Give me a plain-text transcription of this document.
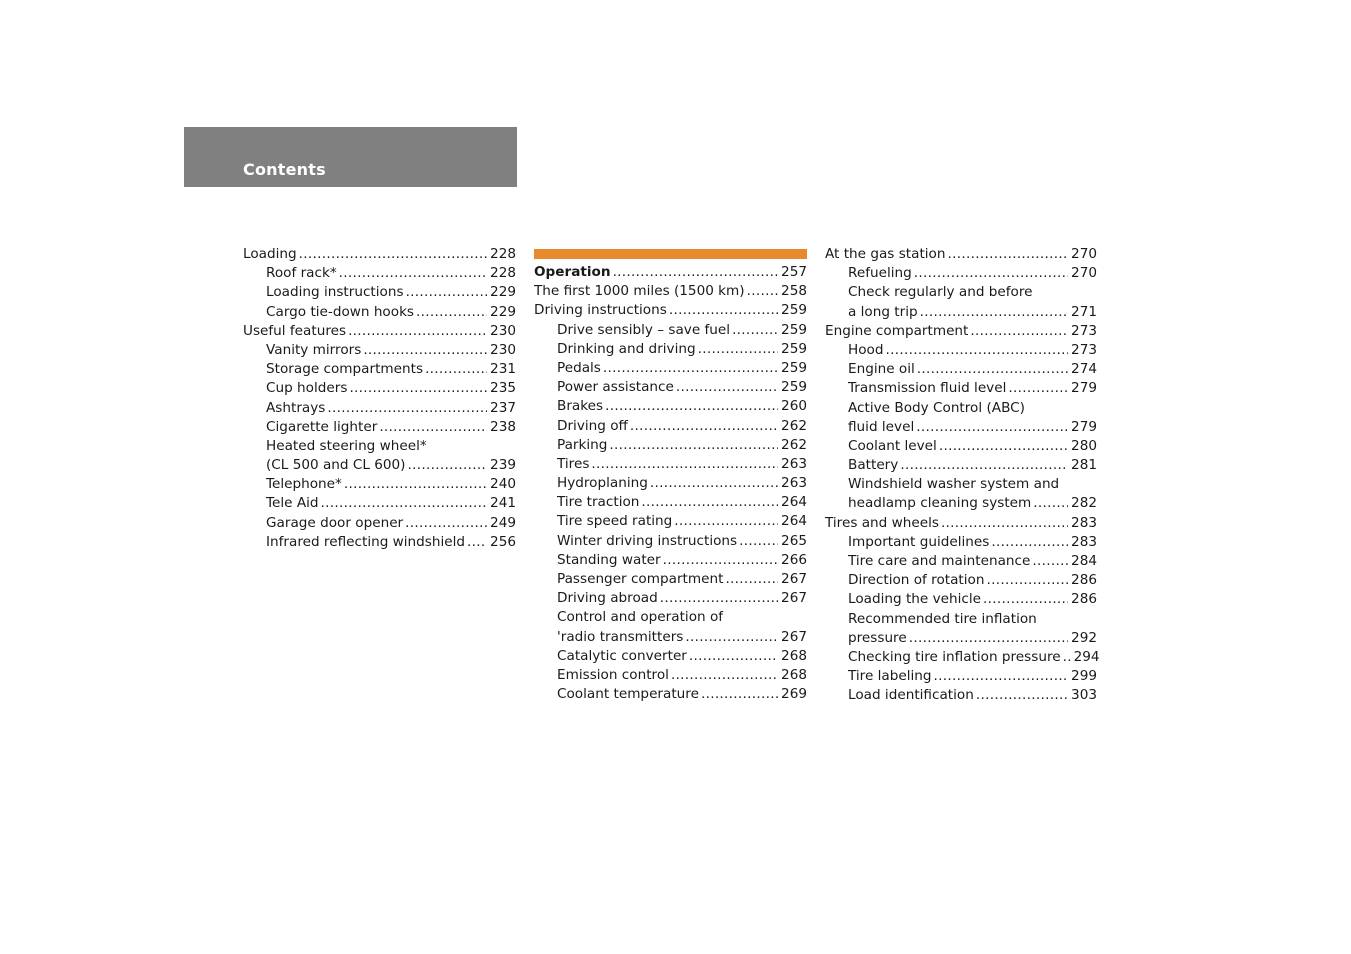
Contents
Loading .....	228
Roof rack* .....	228
Loading instructions .....	229
Cargo tie-down hooks .....	229
Useful features .....	230
Vanity mirrors .....	230
Storage compartments .....	231
Cup holders .....	235
Ashtrays .....	237
Cigarette lighter .....	238
Heated steering wheel*
(CL 500 and CL 600) .....	239
Telephone* .....	240
Tele Aid .....	241
Garage door opener .....	249
Infrared reflecting windshield ..... 256
Operation .....	257
The first 1000 miles (1500 km) .....	258
Driving instructions .....	259
Drive sensibly – save fuel .....	259
Drinking and driving .....	259
Pedals .....	259
Power assistance .....	259
Brakes .....	260
Driving off .....	262
Parking .....	262
Tires .....	263
Hydroplaning .....	263
Tire traction .....	264
Tire speed rating .....	264
Winter driving instructions .....	265
Standing water .....	266
Passenger compartment .....	267
Driving abroad .....	267
Control and operation of
'radio transmitters .....	267
Catalytic converter .....	268
Emission control .....	268
Coolant temperature .....	269
At the gas station .....	270
Refueling .....	270
Check regularly and before
a long trip .....	271
Engine compartment .....	273
Hood .....	273
Engine oil .....	274
Transmission fluid level .....	279
Active Body Control (ABC)
fluid level .....	279
Coolant level .....	280
Battery .....	281
Windshield washer system and
headlamp cleaning system .....	282
Tires and wheels .....	283
Important guidelines .....	283
Tire care and maintenance .....	284
Direction of rotation .....	286
Loading the vehicle .....	286
Recommended tire inflation
pressure .....	292
Checking tire inflation pressure ..... 294
Tire labeling .....	299
Load identification .....	303
